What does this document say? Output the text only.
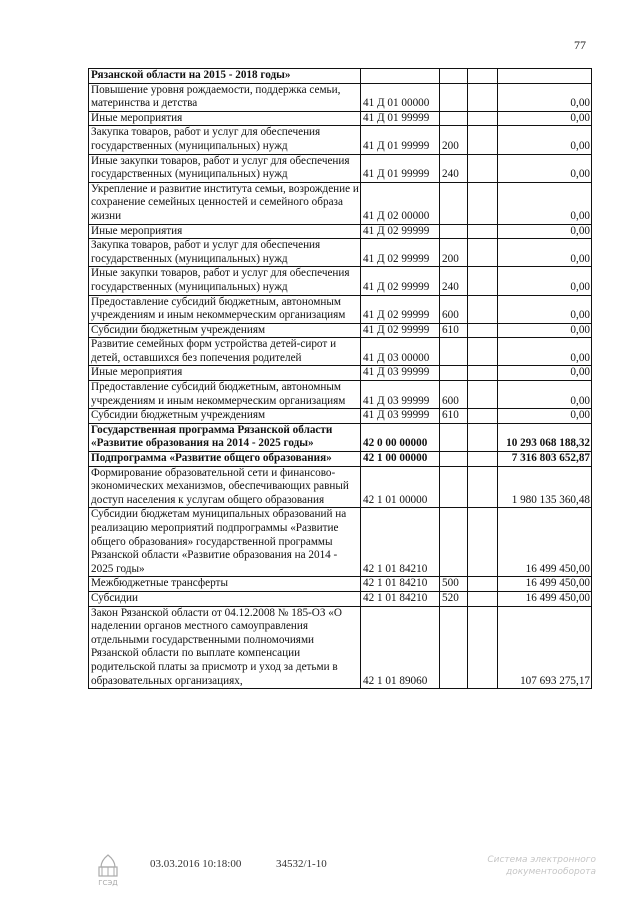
77
Рязанской области на 2015 - 2018 годы»				
Повышение уровня рождаемости, поддержка семьи, материнства и детства	41 Д 01 00000			0,00
Иные мероприятия	41 Д 01 99999			0,00
Закупка товаров, работ и услуг для обеспечения государственных (муниципальных) нужд	41 Д 01 99999	200		0,00
Иные закупки товаров, работ и услуг для обеспечения государственных (муниципальных) нужд	41 Д 01 99999	240		0,00
Укрепление и развитие института семьи, возрождение и сохранение семейных ценностей и семейного образа жизни	41 Д 02 00000			0,00
Иные мероприятия	41 Д 02 99999			0,00
Закупка товаров, работ и услуг для обеспечения государственных (муниципальных) нужд	41 Д 02 99999	200		0,00
Иные закупки товаров, работ и услуг для обеспечения государственных (муниципальных) нужд	41 Д 02 99999	240		0,00
Предоставление субсидий бюджетным, автономным учреждениям и иным некоммерческим организациям	41 Д 02 99999	600		0,00
Субсидии бюджетным учреждениям	41 Д 02 99999	610		0,00
Развитие семейных форм устройства детей-сирот и детей, оставшихся без попечения родителей	41 Д 03 00000			0,00
Иные мероприятия	41 Д 03 99999			0,00
Предоставление субсидий бюджетным, автономным учреждениям и иным некоммерческим организациям	41 Д 03 99999	600		0,00
Субсидии бюджетным учреждениям	41 Д 03 99999	610		0,00
Государственная программа Рязанской области «Развитие образования на 2014 - 2025 годы»	42 0 00 00000			10 293 068 188,32
Подпрограмма «Развитие общего образования»	42 1 00 00000			7 316 803 652,87
Формирование образовательной сети и финансово-экономических механизмов, обеспечивающих равный доступ населения к услугам общего образования	42 1 01 00000			1 980 135 360,48
Субсидии бюджетам муниципальных образований на реализацию мероприятий подпрограммы «Развитие общего образования» государственной программы Рязанской области «Развитие образования на 2014 - 2025 годы»	42 1 01 84210			16 499 450,00
Межбюджетные трансферты	42 1 01 84210	500		16 499 450,00
Субсидии	42 1 01 84210	520		16 499 450,00
Закон Рязанской области от 04.12.2008 № 185-ОЗ «О наделении органов местного самоуправления отдельными государственными полномочиями Рязанской области по выплате компенсации родительской платы за присмотр и уход за детьми в образовательных организациях,	42 1 01 89060			107 693 275,17
ГСЭД
03.03.2016 10:18:00	34532/1-10	Система электронного документооборота
